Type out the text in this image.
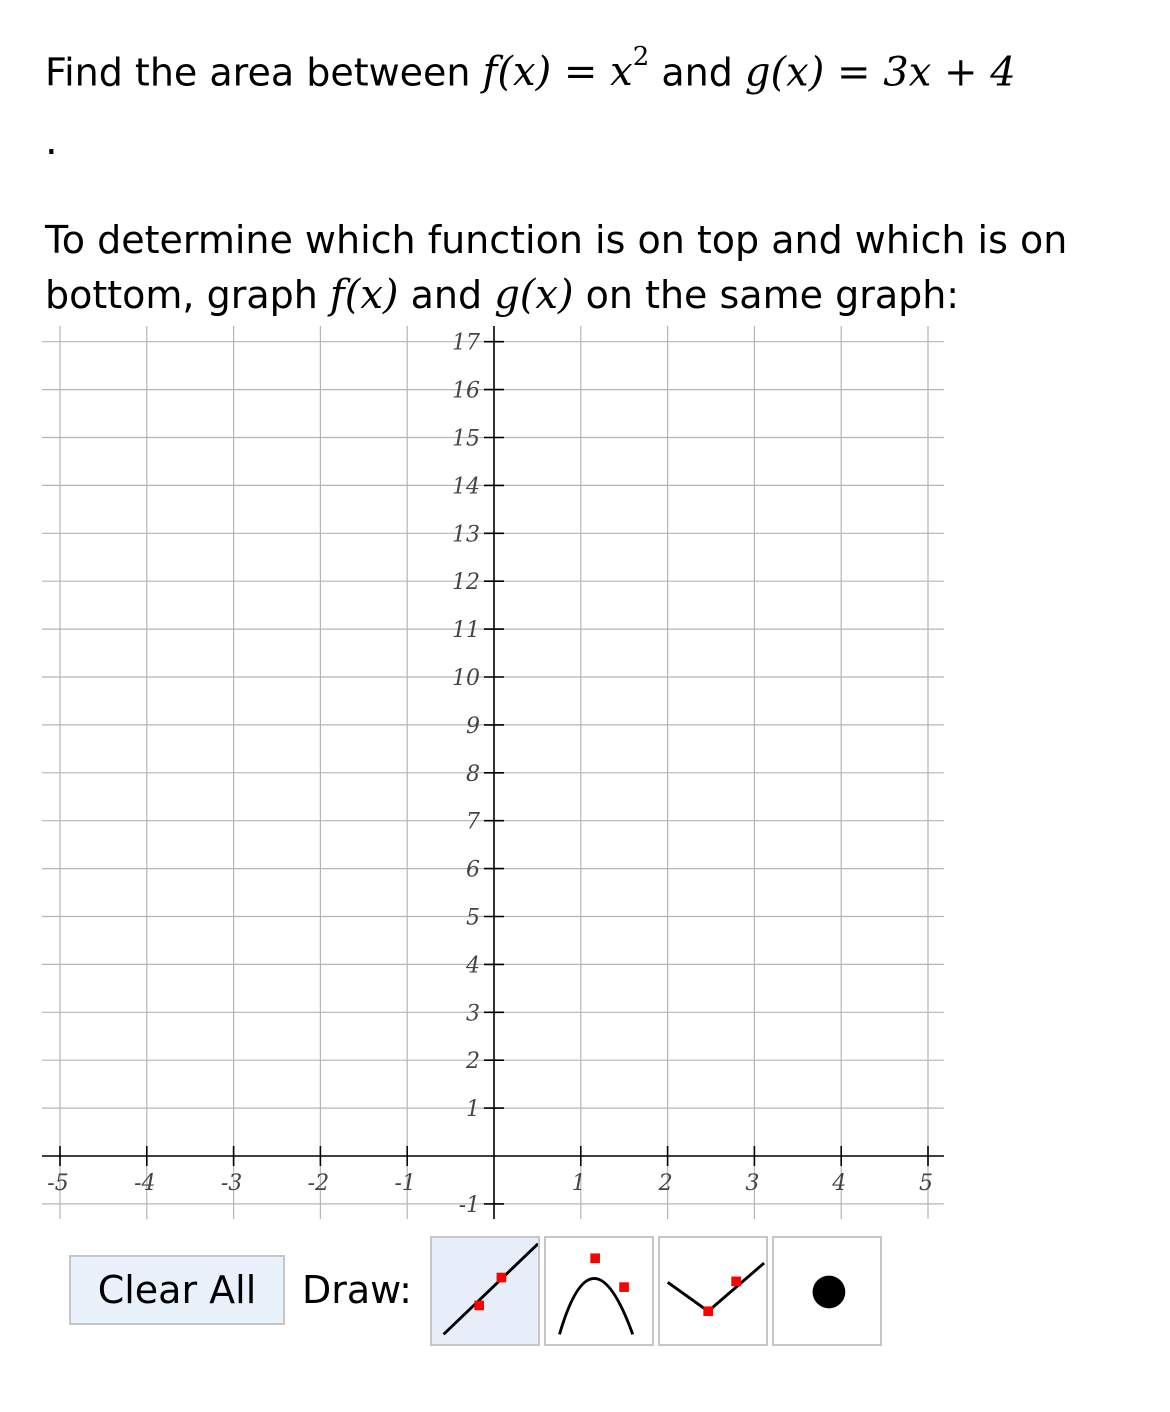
Find the area between $f(x) = x^2$ and g(x) = 3x + 4
.
To determine which function is on top and which is on
bottom, graph f(x) and g(x) on the same graph:
-5	-4	-3	-2	-1	1	2	3	4	5
17
16
15
14
13
12
11
10
9
8
7
6
5
4
3
2
1
-1
Clear All	Draw:
